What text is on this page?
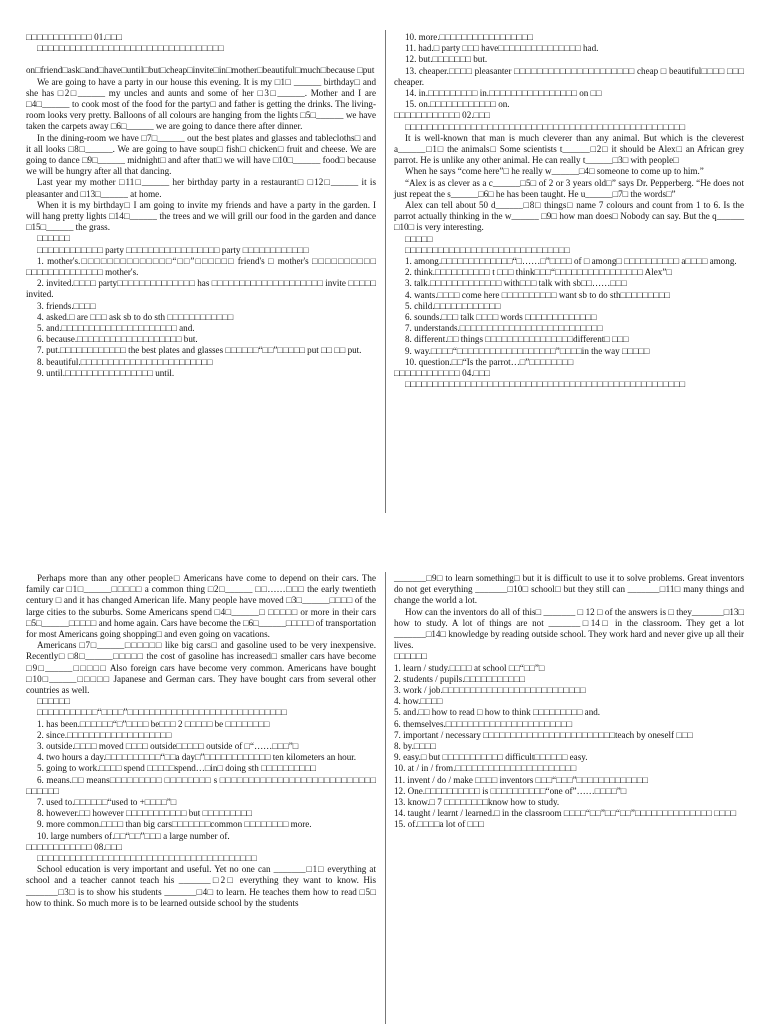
□□□□□□□□□□□□ 01.□□□

□□□□□□□□□□□□□□□□□□□□□□□□□□□□□□□□□□

on□friend□ask□and□have□until□but□cheap□invite□in□mother□beautiful□much□because □put

We are going to have a party in our house this evening. It is my □1□ ______ birthday□ and she has □2□______ my uncles and aunts and some of her □3□______. Mother and I are □4□______ to cook most of the food for the party□ and father is getting the drinks. The living-room looks very pretty. Balloons of all colours are hanging from the lights □5□______ we have taken the carpets away □6□______ we are going to dance there after dinner.

In the dining-room we have □7□______ out the best plates and glasses and tablecloths□ and it all looks □8□______. We are going to have soup□ fish□ chicken□ fruit and cheese. We are going to dance □9□______ midnight□ and after that□ we will have □10□______ food□ because we will be hungry after all that dancing.

Last year my mother □11□______ her birthday party in a restaurant□ □12□______ it is pleasanter and □13□______ at home.

When it is my birthday□ I am going to invite my friends and have a party in the garden. I will hang pretty lights □14□______ the trees and we will grill our food in the garden and dance □15□______ the grass.

□□□□□□

□□□□□□□□□□□□ party □□□□□□□□□□□□□□□□□ party □□□□□□□□□□□□

1. mother's.□□□□□□□□□□□□□□“□□”□□□□□□ friend's □ mother's □□□□□□□□□□ □□□□□□□□□□□□□□ mother's.

2. invited.□□□□ party□□□□□□□□□□□□□□ has □□□□□□□□□□□□□□□□□□□□ invite □□□□□ invited.

3. friends.□□□□

4. asked.□ are □□□ ask sb to do sth □□□□□□□□□□□□

5. and.□□□□□□□□□□□□□□□□□□□□□ and.

6. because.□□□□□□□□□□□□□□□□□□□ but.

7. put.□□□□□□□□□□□□ the best plates and glasses □□□□□□“□□”□□□□□ put □□ □□ put.

8. beautiful.□□□□□□□□□□□□□□□□□□□□□□□□

9. until.□□□□□□□□□□□□□□□□ until.

10. more.□□□□□□□□□□□□□□□□□

11. had.□ party □□□ have□□□□□□□□□□□□□□□ had.

12. but.□□□□□□□ but.

13. cheaper.□□□□ pleasanter □□□□□□□□□□□□□□□□□□□□□ cheap □ beautiful□□□□ □□□ cheaper.

14. in.□□□□□□□□□ in.□□□□□□□□□□□□□□□□ on □□

15. on.□□□□□□□□□□□□ on.

□□□□□□□□□□□□ 02.□□□

□□□□□□□□□□□□□□□□□□□□□□□□□□□□□□□□□□□□□□□□□□□□□□□□□□□

It is well-known that man is much cleverer than any animal. But which is the cleverest a______□1□ the animals□ Some scientists t______□2□ it should be Alex□ an African grey parrot. He is unlike any other animal. He can really t______□3□ with people□

When he says “come here”□ he really w______□4□ someone to come up to him.”

“Alex is as clever as a c______□5□ of 2 or 3 years old□” says Dr. Pepperberg. “He does not just repeat the s______□6□ he has been taught. He u______□7□ the words□”

Alex can tell about 50 d______□8□ things□ name 7 colours and count from 1 to 6. Is the parrot actually thinking in the w______ □9□ how man does□ Nobody can say. But the q______ □10□ is very interesting.

□□□□□

□□□□□□□□□□□□□□□□□□□□□□□□□□□□□□

1. among.□□□□□□□□□□□□□“□……□”□□□□ of □ among□ □□□□□□□□□□ a□□□□ among.

2. think.□□□□□□□□□□ t □□□ think□□□“□□□□□□□□□□□□□□□□ Alex”□

3. talk.□□□□□□□□□□□□□ with□□□ talk with sb□□……□□□

4. wants.□□□□ come here □□□□□□□□□□ want sb to do sth□□□□□□□□□

5. child.□□□□□□□□□□□□

6. sounds.□□□ talk □□□□ words □□□□□□□□□□□□□

7. understands.□□□□□□□□□□□□□□□□□□□□□□□□□□

8. different.□□ things □□□□□□□□□□□□□□□□different□ □□□

9. way.□□□□“□□□□□□□□□□□□□□□□□□”□□□□in the way □□□□□

10. question.□□“Is the parrot…□”□□□□□□□□

□□□□□□□□□□□□ 04.□□□

□□□□□□□□□□□□□□□□□□□□□□□□□□□□□□□□□□□□□□□□□□□□□□□□□□□

Perhaps more than any other people□ Americans have come to depend on their cars. The family car □1□______□□□□□ a common thing □2□______ □□……□□□ the early twentieth century □ and it has changed American life. Many people have moved □3□______□□□□ of the large cities to the suburbs. Some Americans spend □4□______□ □□□□□ or more in their cars □5□______□□□□□ and home again. Cars have become the □6□______□□□□□ of transportation for most Americans going shopping□ and even going on vacations.

Americans □7□______□□□□□□ like big cars□ and gasoline used to be very inexpensive. Recently□ □8□______□□□□□ the cost of gasoline has increased□ smaller cars have become □9□______□□□□□ Also foreign cars have become very common. Americans have bought □10□______□□□□□ Japanese and German cars. They have bought cars from several other countries as well.

□□□□□□

□□□□□□□□□□□“□□□□”□□□□□□□□□□□□□□□□□□□□□□□□□□□□□

1. has been.□□□□□□“□”□□□□ be□□□ 2 □□□□□ be □□□□□□□□

2. since.□□□□□□□□□□□□□□□□□□□

3. outside.□□□□ moved □□□□ outside□□□□□ outside of □“……□□□”□

4. two hours a day.□□□□□□□□□□“□□a day□”□□□□□□□□□□□□ ten kilometers an hour.

5. going to work.□□□□ spend □□□□□spend…□in□ doing sth □□□□□□□□□□

6. means.□□ means□□□□□□□□□ □□□□□□□□ s □□□□□□□□□□□□□□□□□□□□□□□□□□□ □□□□□□

7. used to.□□□□□□“used to +□□□□”□

8. however.□□ however □□□□□□□□□□□ but □□□□□□□□□

9. more common.□□□□ than big cars□□□□□□□common □□□□□□□□ more.

10. large numbers of.□□“□□”□□□ a large number of.

□□□□□□□□□□□□ 08.□□□

□□□□□□□□□□□□□□□□□□□□□□□□□□□□□□□□□□□□□□□□

School education is very important and useful. Yet no one can _______□1□ everything at school and a teacher cannot teach his _______□2□ everything they want to know. His _______□3□ is to show his students _______□4□ to learn. He teaches them how to read □5□ how to think. So much more is to be learned outside school by the students

_______□9□ to learn something□ but it is difficult to use it to solve problems. Great inventors do not get everything _______□10□ school□ but they still can _______□11□ many things and change the world a lot.

How can the inventors do all of this□ _______ □ 12 □ of the answers is □ they_______□13□ how to study. A lot of things are not _______□14□ in the classroom. They get a lot _______□14□ knowledge by reading outside school. They work hard and never give up all their lives.

□□□□□□

1. learn / study.□□□□ at school □□“□□”□

2. students / pupils.□□□□□□□□□□□

3. work / job.□□□□□□□□□□□□□□□□□□□□□□□□□□

4. how.□□□□

5. and.□□ how to read □ how to think □□□□□□□□□ and.

6. themselves.□□□□□□□□□□□□□□□□□□□□□□□

7. important / necessary □□□□□□□□□□□□□□□□□□□□□□□□teach by oneself □□□

8. by.□□□□

9. easy.□ but □□□□□□□□□□□ difficult□□□□□□ easy.

10. at / in / from.□□□□□□□□□□□□□□□□□□□□□□

11. invent / do / make □□□□ inventors □□□“□□□”□□□□□□□□□□□□□

12. One.□□□□□□□□□□ is □□□□□□□□□□“one of”……□□□□”□

13. know.□ 7 □□□□□□□□know how to study.

14. taught / learnt / learned.□ in the classroom □□□□“□□”□□“□□”□□□□□□□□□□□□□□ □□□□

15. of.□□□□a lot of □□□
